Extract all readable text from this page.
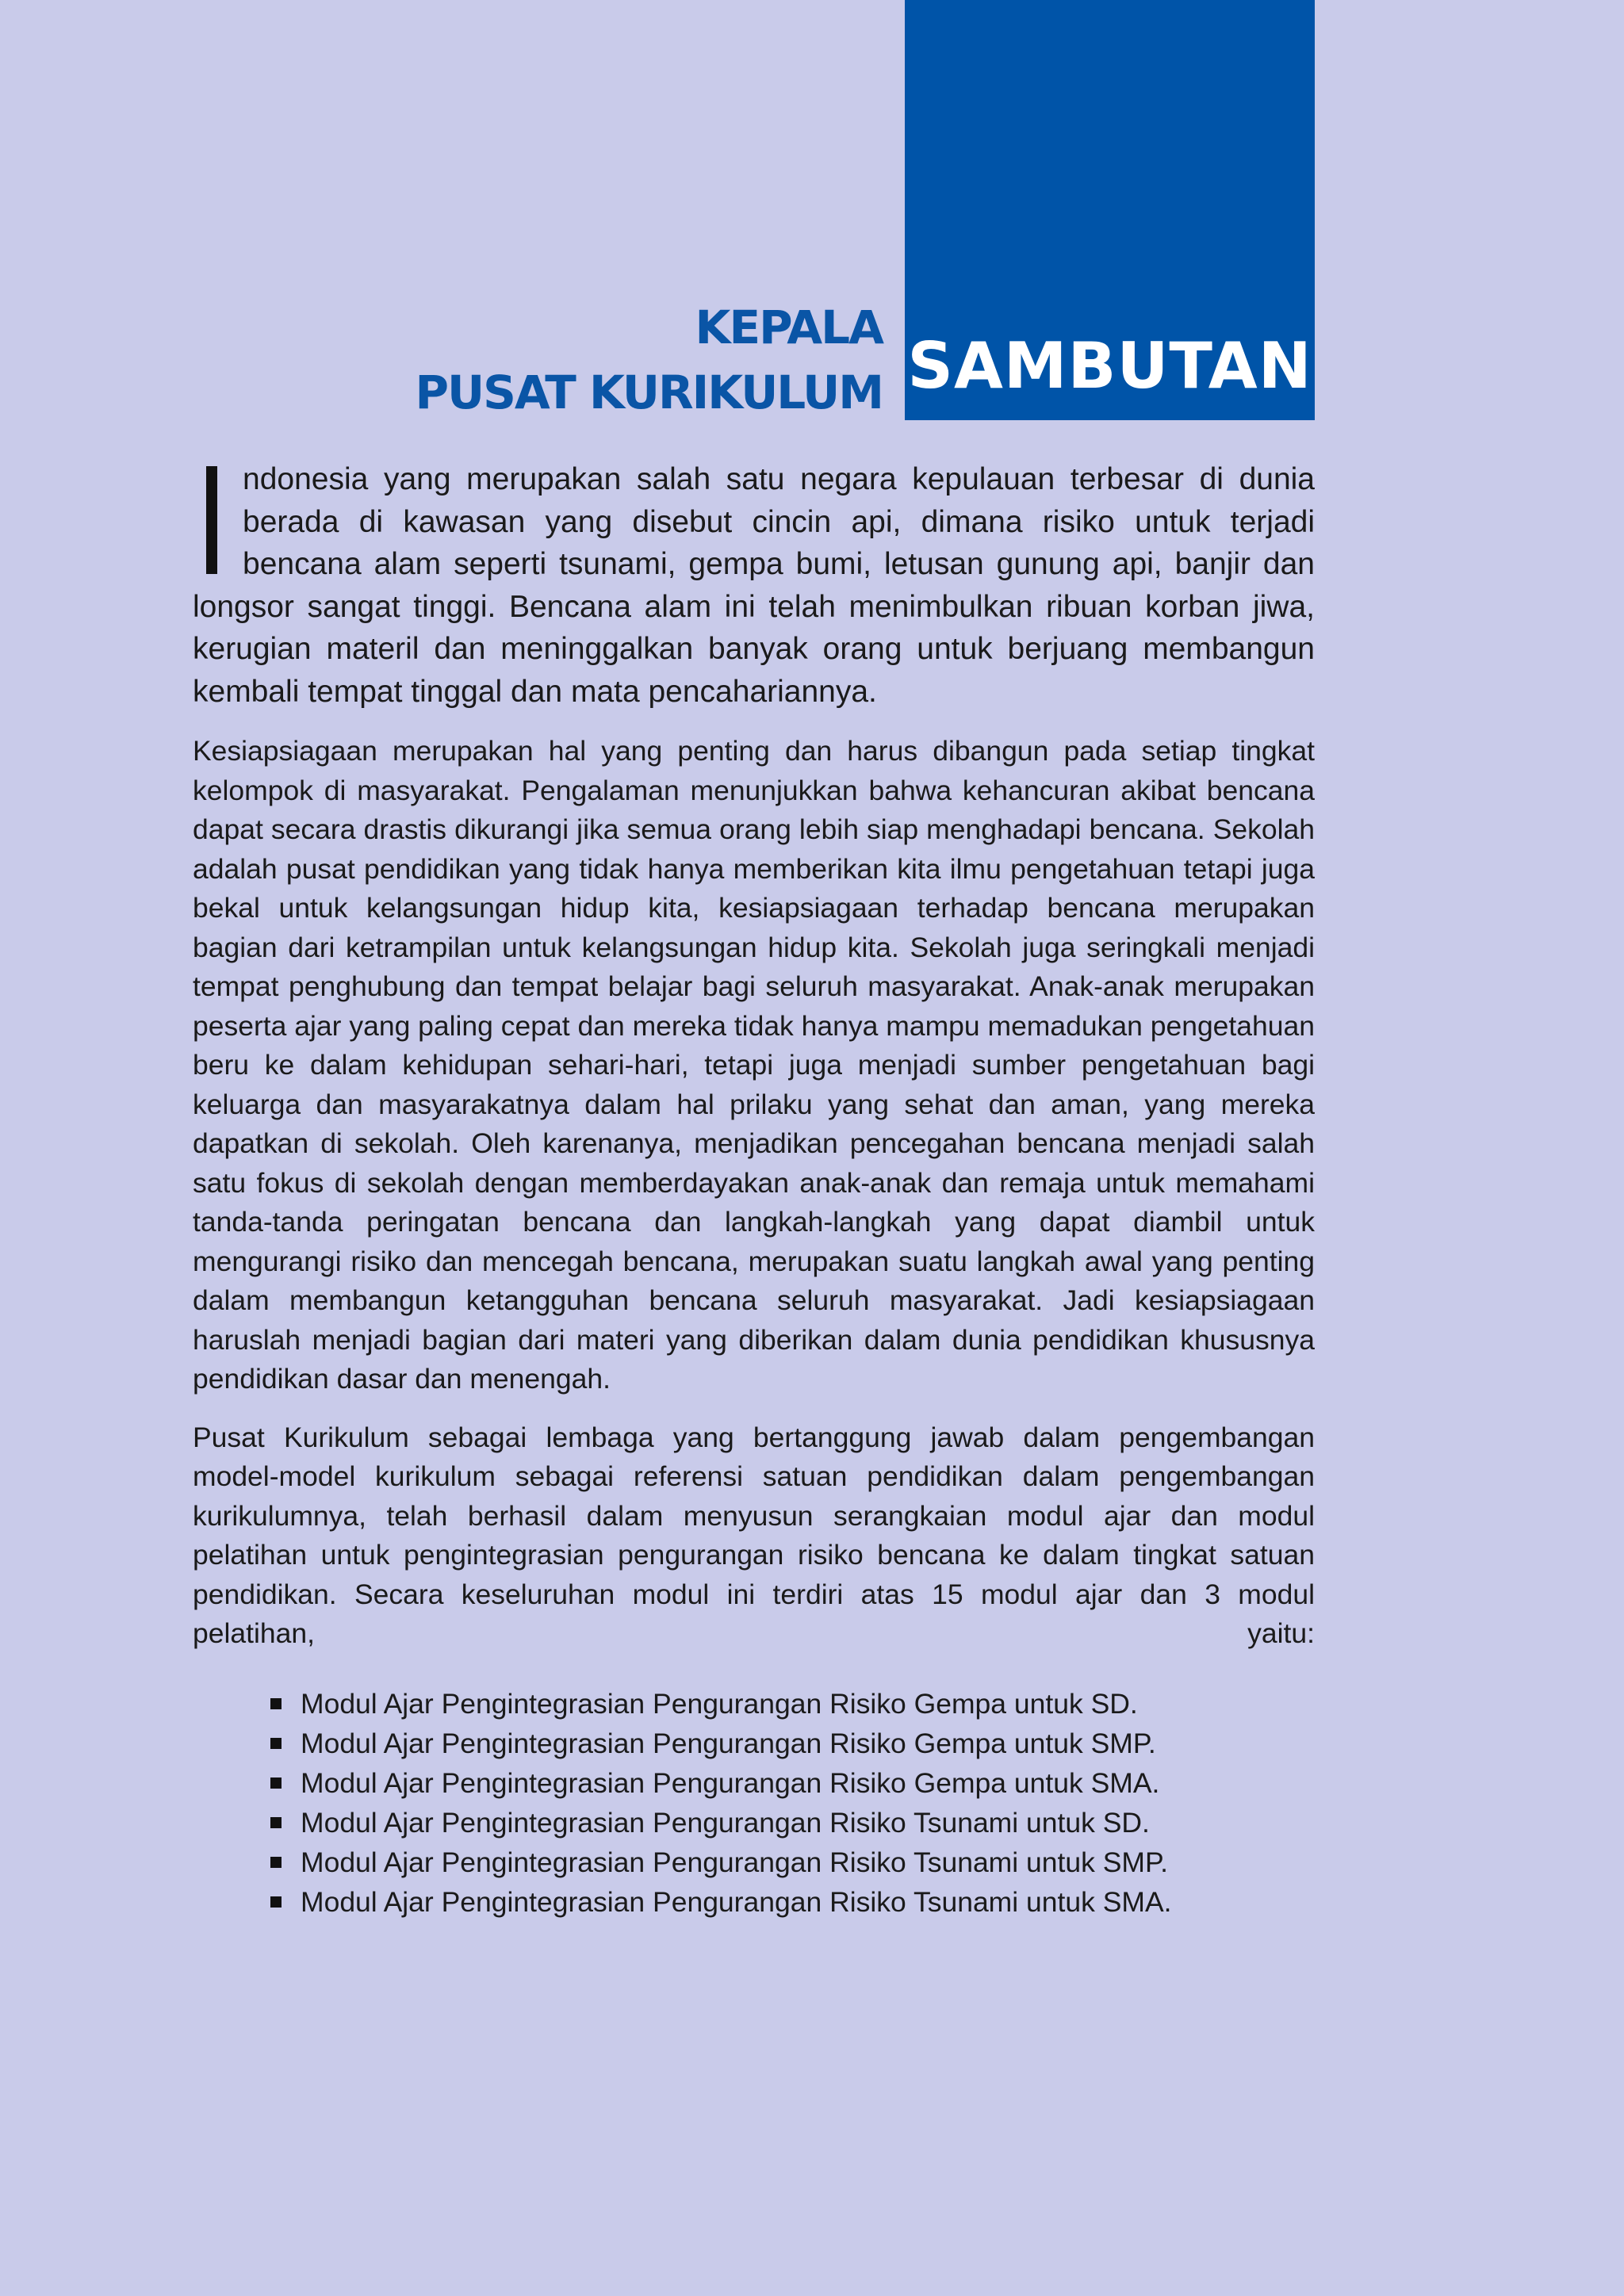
SAMBUTAN
KEPALA
PUSAT KURIKULUM

ndonesia yang merupakan salah satu negara kepulauan terbesar di dunia berada di kawasan yang disebut cincin api, dimana risiko untuk terjadi bencana alam seperti tsunami, gempa bumi, letusan gunung api, banjir dan longsor sangat tinggi. Bencana alam ini telah menimbulkan ribuan korban jiwa, kerugian materil dan meninggalkan banyak orang untuk berjuang membangun kembali tempat tinggal dan mata pencahariannya.

Kesiapsiagaan merupakan hal yang penting dan harus dibangun pada setiap tingkat kelompok di masyarakat. Pengalaman menunjukkan bahwa kehancuran akibat bencana dapat secara drastis dikurangi jika semua orang lebih siap menghadapi bencana. Sekolah adalah pusat pendidikan yang tidak hanya memberikan kita ilmu pengetahuan tetapi juga bekal untuk kelangsungan hidup kita, kesiapsiagaan terhadap bencana merupakan bagian dari ketrampilan untuk kelangsungan hidup kita. Sekolah juga seringkali menjadi tempat penghubung dan tempat belajar bagi seluruh masyarakat. Anak-anak merupakan peserta ajar yang paling cepat dan mereka tidak hanya mampu memadukan pengetahuan beru ke dalam kehidupan sehari-hari, tetapi juga menjadi sumber pengetahuan bagi keluarga dan masyarakatnya dalam hal prilaku yang sehat dan aman, yang mereka dapatkan di sekolah. Oleh karenanya, menjadikan pencegahan bencana menjadi salah satu fokus di sekolah dengan memberdayakan anak-anak dan remaja untuk memahami tanda-tanda peringatan bencana dan langkah-langkah yang dapat diambil untuk mengurangi risiko dan mencegah bencana, merupakan suatu langkah awal yang penting dalam membangun ketangguhan bencana seluruh masyarakat. Jadi kesiapsiagaan haruslah menjadi bagian dari materi yang diberikan dalam dunia pendidikan khususnya pendidikan dasar dan menengah.

Pusat Kurikulum sebagai lembaga yang bertanggung jawab dalam pengembangan model-model kurikulum sebagai referensi satuan pendidikan dalam pengembangan kurikulumnya, telah berhasil dalam menyusun serangkaian modul ajar dan modul pelatihan untuk pengintegrasian pengurangan risiko bencana ke dalam tingkat satuan pendidikan. Secara keseluruhan modul ini terdiri atas 15 modul ajar dan 3 modul pelatihan, yaitu:

Modul Ajar Pengintegrasian Pengurangan Risiko Gempa untuk SD.
Modul Ajar Pengintegrasian Pengurangan Risiko Gempa untuk SMP.
Modul Ajar Pengintegrasian Pengurangan Risiko Gempa untuk SMA.
Modul Ajar Pengintegrasian Pengurangan Risiko Tsunami untuk SD.
Modul Ajar Pengintegrasian Pengurangan Risiko Tsunami untuk SMP.
Modul Ajar Pengintegrasian Pengurangan Risiko Tsunami untuk SMA.
